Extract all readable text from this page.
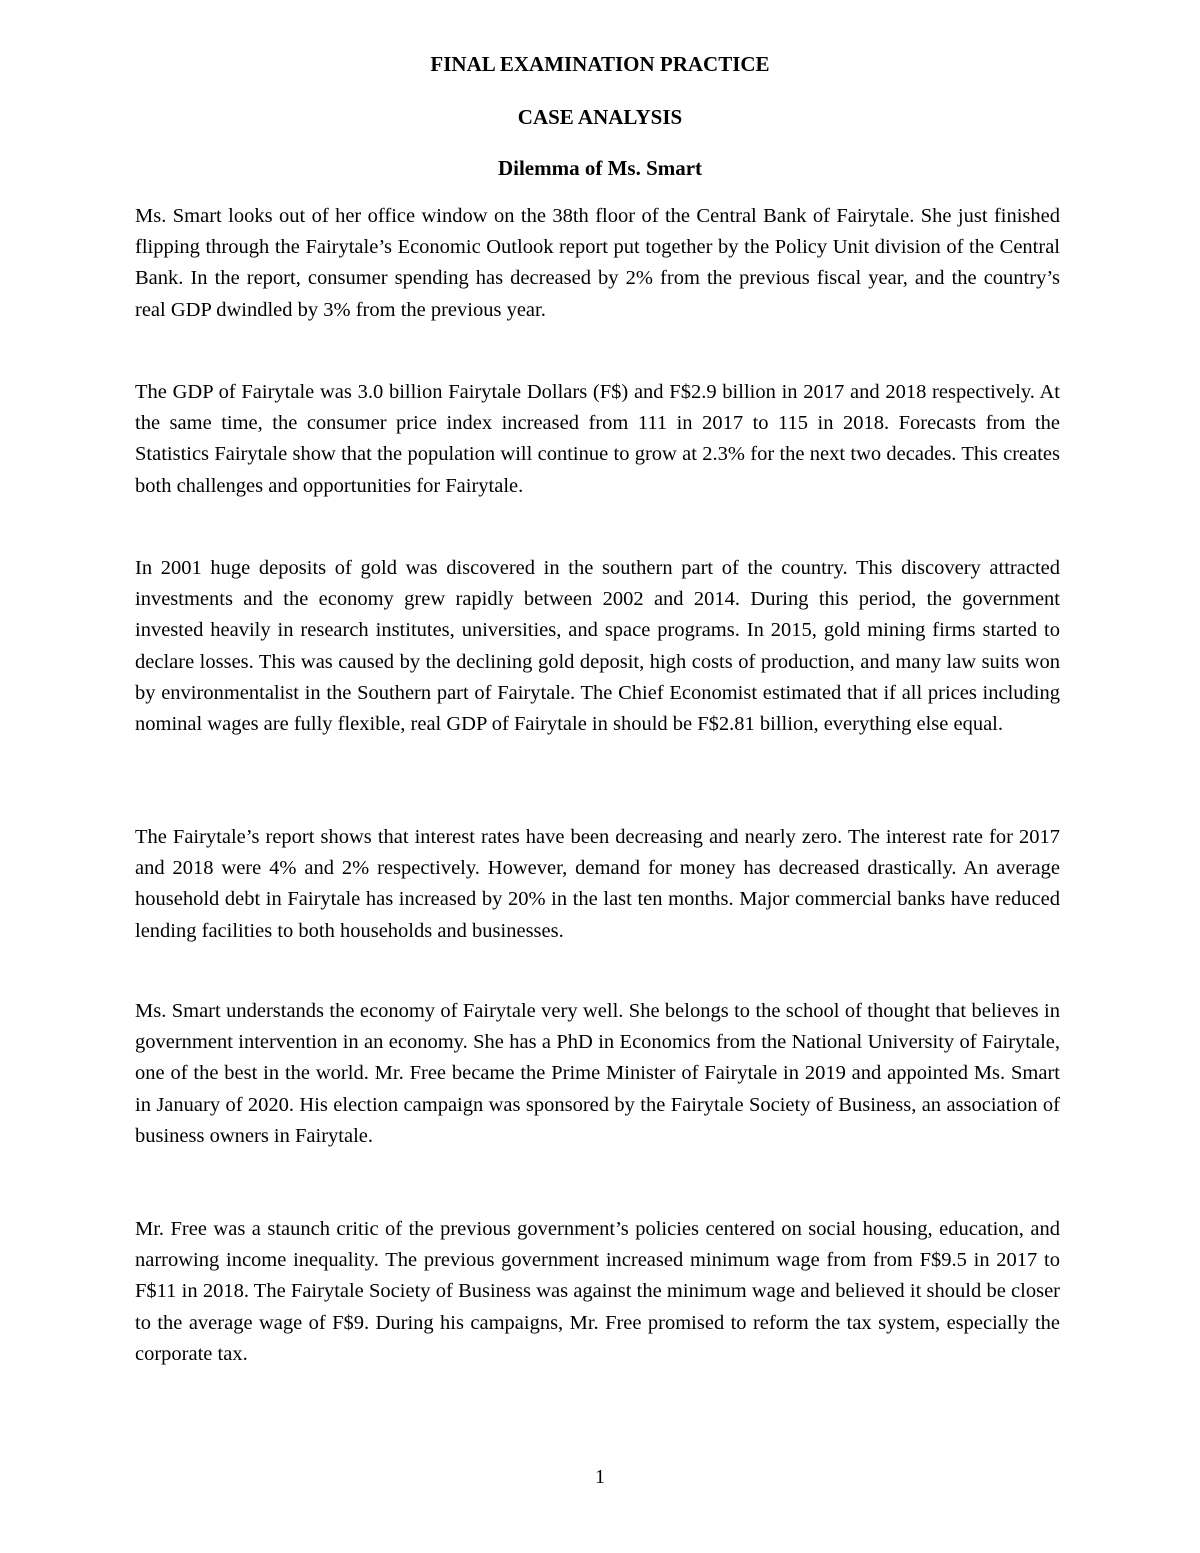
FINAL EXAMINATION PRACTICE
CASE ANALYSIS
Dilemma of Ms. Smart

Ms. Smart looks out of her office window on the 38th floor of the Central Bank of Fairytale. She just finished flipping through the Fairytale’s Economic Outlook report put together by the Policy Unit division of the Central Bank. In the report, consumer spending has decreased by 2% from the previous fiscal year, and the country’s real GDP dwindled by 3% from the previous year.

The GDP of Fairytale was 3.0 billion Fairytale Dollars (F$) and F$2.9 billion in 2017 and 2018 respectively. At the same time, the consumer price index increased from 111 in 2017 to 115 in 2018. Forecasts from the Statistics Fairytale show that the population will continue to grow at 2.3% for the next two decades. This creates both challenges and opportunities for Fairytale.

In 2001 huge deposits of gold was discovered in the southern part of the country. This discovery attracted investments and the economy grew rapidly between 2002 and 2014. During this period, the government invested heavily in research institutes, universities, and space programs. In 2015, gold mining firms started to declare losses. This was caused by the declining gold deposit, high costs of production, and many law suits won by environmentalist in the Southern part of Fairytale. The Chief Economist estimated that if all prices including nominal wages are fully flexible, real GDP of Fairytale in should be F$2.81 billion, everything else equal.

The Fairytale’s report shows that interest rates have been decreasing and nearly zero. The interest rate for 2017 and 2018 were 4% and 2% respectively. However, demand for money has decreased drastically. An average household debt in Fairytale has increased by 20% in the last ten months. Major commercial banks have reduced lending facilities to both households and businesses.

Ms. Smart understands the economy of Fairytale very well. She belongs to the school of thought that believes in government intervention in an economy. She has a PhD in Economics from the National University of Fairytale, one of the best in the world. Mr. Free became the Prime Minister of Fairytale in 2019 and appointed Ms. Smart in January of 2020. His election campaign was sponsored by the Fairytale Society of Business, an association of business owners in Fairytale.

Mr. Free was a staunch critic of the previous government’s policies centered on social housing, education, and narrowing income inequality. The previous government increased minimum wage from from F$9.5 in 2017 to F$11 in 2018. The Fairytale Society of Business was against the minimum wage and believed it should be closer to the average wage of F$9. During his campaigns, Mr. Free promised to reform the tax system, especially the corporate tax.

1
